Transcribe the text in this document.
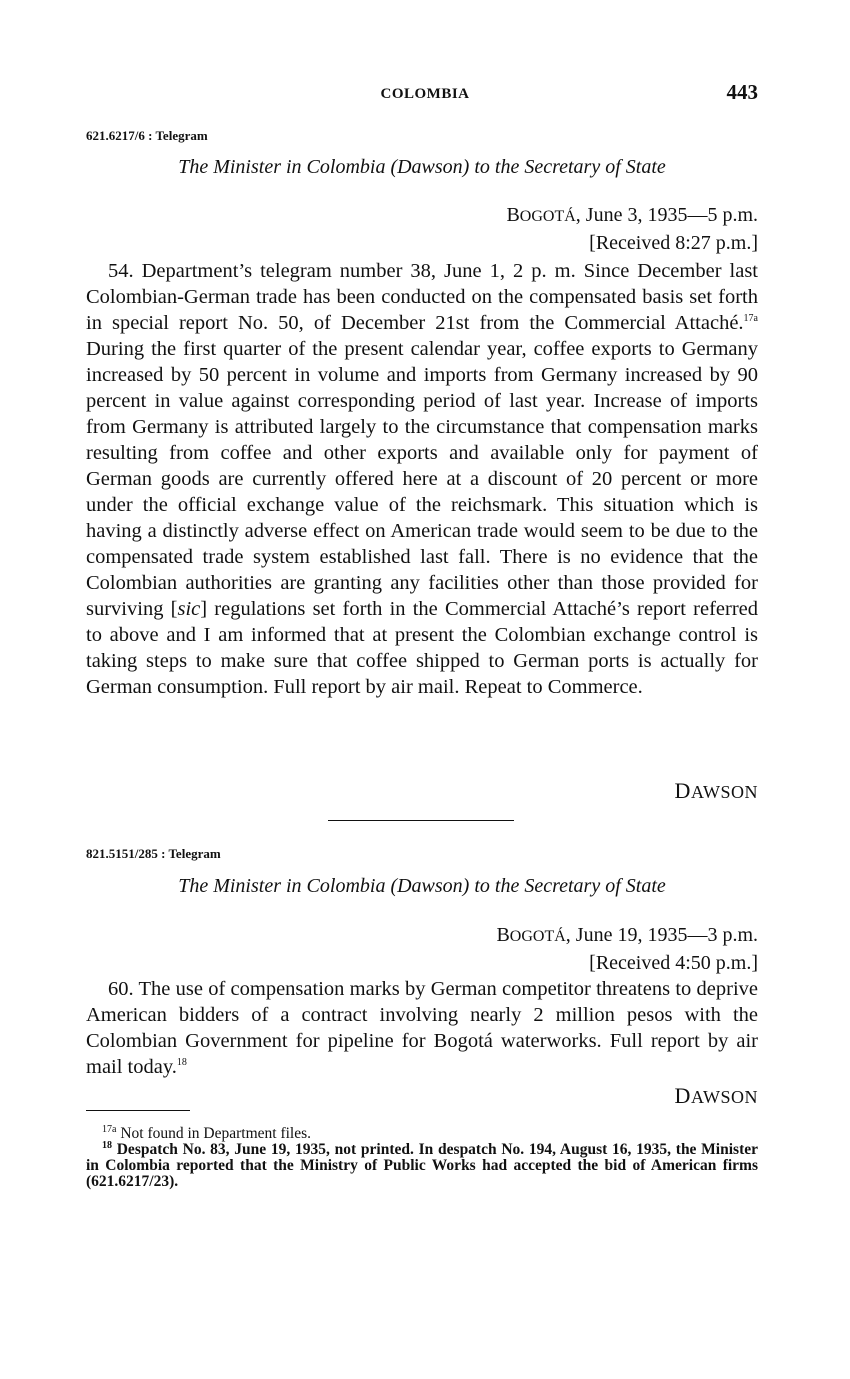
COLOMBIA	443
621.6217/6 : Telegram
The Minister in Colombia (Dawson) to the Secretary of State
BOGOTÁ, June 3, 1935—5 p.m.
[Received 8:27 p.m.]

54. Department’s telegram number 38, June 1, 2 p. m. Since December last Colombian-German trade has been conducted on the compensated basis set forth in special report No. 50, of December 21st from the Commercial Attaché.$^{17a}$ During the first quarter of the present calendar year, coffee exports to Germany increased by 50 percent in volume and imports from Germany increased by 90 percent in value against corresponding period of last year. Increase of imports from Germany is attributed largely to the circumstance that compensation marks resulting from coffee and other exports and available only for payment of German goods are currently offered here at a discount of 20 percent or more under the official exchange value of the reichsmark. This situation which is having a distinctly adverse effect on American trade would seem to be due to the compensated trade system established last fall. There is no evidence that the Colombian authorities are granting any facilities other than those provided for surviving [sic] regulations set forth in the Commercial Attaché’s report referred to above and I am informed that at present the Colombian exchange control is taking steps to make sure that coffee shipped to German ports is actually for German consumption. Full report by air mail. Repeat to Commerce.

DAWSON
821.5151/285 : Telegram
The Minister in Colombia (Dawson) to the Secretary of State
BOGOTÁ, June 19, 1935—3 p.m.
[Received 4:50 p.m.]

60. The use of compensation marks by German competitor threatens to deprive American bidders of a contract involving nearly 2 million pesos with the Colombian Government for pipeline for Bogotá waterworks. Full report by air mail today.$^{18}$

DAWSON

$^{17a}$ Not found in Department files.

$^{18}$ Despatch No. 83, June 19, 1935, not printed. In despatch No. 194, August 16, 1935, the Minister in Colombia reported that the Ministry of Public Works had accepted the bid of American firms (621.6217/23).
